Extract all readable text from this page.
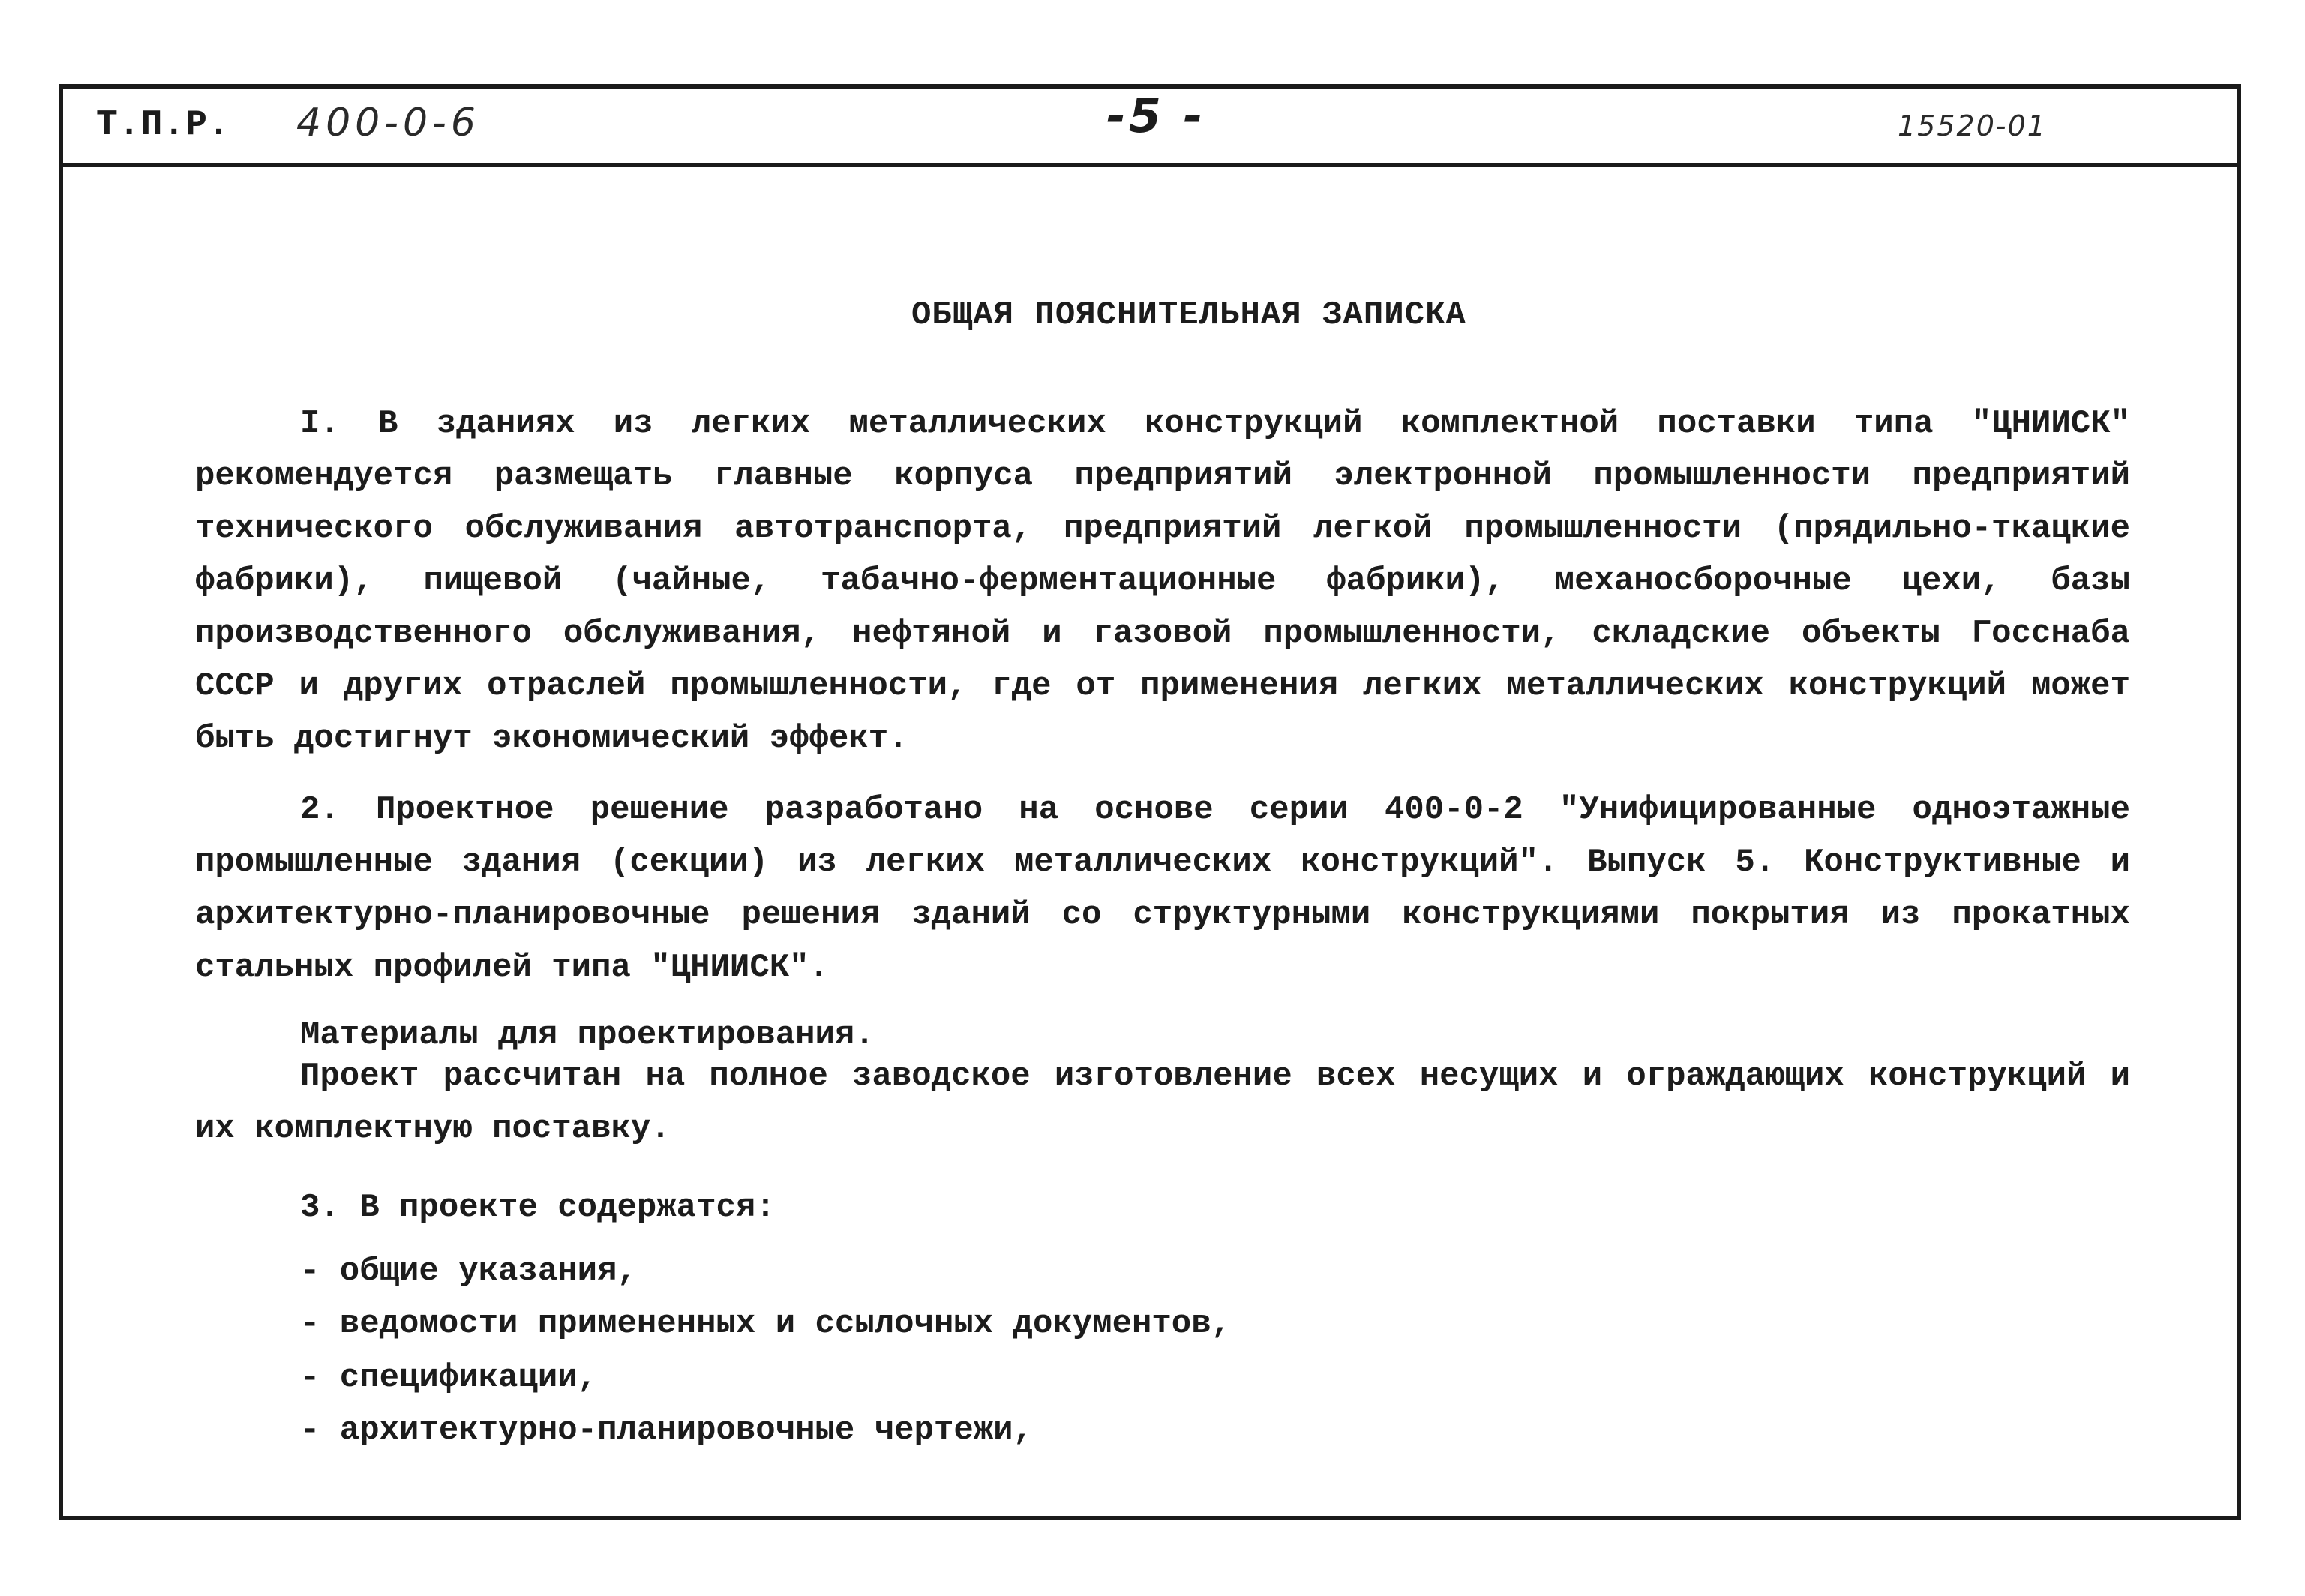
Т.П.Р. 400-0-6	-5 -	15520-01
ОБЩАЯ ПОЯСНИТЕЛЬНАЯ ЗАПИСКА

I. В зданиях из легких металлических конструкций комплектной поставки типа "ЦНИИСК" рекомендуется размещать главные корпуса предприятий электронной промышленности предприятий технического обслуживания автотранспорта, предприятий легкой промышленности (прядильно-ткацкие фабрики), пищевой (чайные, табачно-ферментационные фабрики), механосборочные цехи, базы производственного обслуживания, нефтяной и газовой промышленности, складские объекты Госснаба СССР и других отраслей промышленности, где от применения легких металлических конструкций может быть достигнут экономический эффект.

2. Проектное решение разработано на основе серии 400-0-2 "Унифицированные одноэтажные промышленные здания (секции) из легких металлических конструкций". Выпуск 5. Конструктивные и архитектурно-планировочные решения зданий со структурными конструкциями покрытия из прокатных стальных профилей типа "ЦНИИСК".

Материалы для проектирования.

Проект рассчитан на полное заводское изготовление всех несущих и ограждающих конструкций и их комплектную поставку.

3. В проекте содержатся:
- общие указания,
- ведомости примененных и ссылочных документов,
- спецификации,
- архитектурно-планировочные чертежи,
